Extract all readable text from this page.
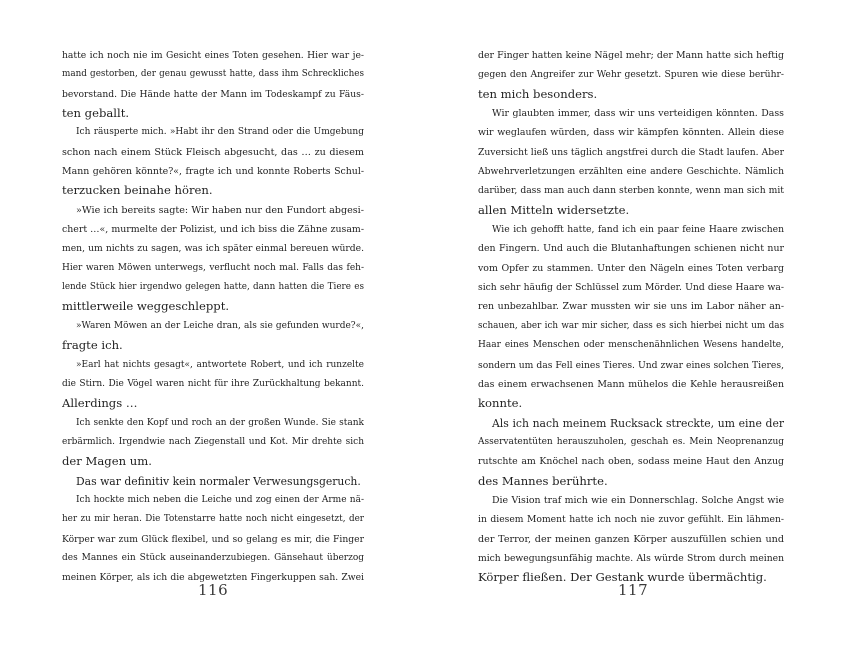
hatte ich noch nie im Gesicht eines Toten gesehen. Hier war je-
mand gestorben, der genau gewusst hatte, dass ihm Schreckliches
bevorstand. Die Hände hatte der Mann im Todeskampf zu Fäus-
ten geballt.
Ich räusperte mich. »Habt ihr den Strand oder die Umgebung
schon nach einem Stück Fleisch abgesucht, das … zu diesem
Mann gehören könnte?«, fragte ich und konnte Roberts Schul-
terzucken beinahe hören.
»Wie ich bereits sagte: Wir haben nur den Fundort abgesi-
chert …«, murmelte der Polizist, und ich biss die Zähne zusam-
men, um nichts zu sagen, was ich später einmal bereuen würde.
Hier waren Möwen unterwegs, verflucht noch mal. Falls das feh-
lende Stück hier irgendwo gelegen hatte, dann hatten die Tiere es
mittlerweile weggeschleppt.
»Waren Möwen an der Leiche dran, als sie gefunden wurde?«,
fragte ich.
»Earl hat nichts gesagt«, antwortete Robert, und ich runzelte
die Stirn. Die Vögel waren nicht für ihre Zurückhaltung bekannt.
Allerdings …
Ich senkte den Kopf und roch an der großen Wunde. Sie stank
erbärmlich. Irgendwie nach Ziegenstall und Kot. Mir drehte sich
der Magen um.
Das war definitiv kein normaler Verwesungsgeruch.
Ich hockte mich neben die Leiche und zog einen der Arme nä-
her zu mir heran. Die Totenstarre hatte noch nicht eingesetzt, der
Körper war zum Glück flexibel, und so gelang es mir, die Finger
des Mannes ein Stück auseinanderzubiegen. Gänsehaut überzog
meinen Körper, als ich die abgewetzten Fingerkuppen sah. Zwei
116
der Finger hatten keine Nägel mehr; der Mann hatte sich heftig
gegen den Angreifer zur Wehr gesetzt. Spuren wie diese berühr-
ten mich besonders.
Wir glaubten immer, dass wir uns verteidigen könnten. Dass
wir weglaufen würden, dass wir kämpfen könnten. Allein diese
Zuversicht ließ uns täglich angstfrei durch die Stadt laufen. Aber
Abwehrverletzungen erzählten eine andere Geschichte. Nämlich
darüber, dass man auch dann sterben konnte, wenn man sich mit
allen Mitteln widersetzte.
Wie ich gehofft hatte, fand ich ein paar feine Haare zwischen
den Fingern. Und auch die Blutanhaftungen schienen nicht nur
vom Opfer zu stammen. Unter den Nägeln eines Toten verbarg
sich sehr häufig der Schlüssel zum Mörder. Und diese Haare wa-
ren unbezahlbar. Zwar mussten wir sie uns im Labor näher an-
schauen, aber ich war mir sicher, dass es sich hierbei nicht um das
Haar eines Menschen oder menschenähnlichen Wesens handelte,
sondern um das Fell eines Tieres. Und zwar eines solchen Tieres,
das einem erwachsenen Mann mühelos die Kehle herausreißen
konnte.
Als ich nach meinem Rucksack streckte, um eine der
Asservatentüten herauszuholen, geschah es. Mein Neoprenanzug
rutschte am Knöchel nach oben, sodass meine Haut den Anzug
des Mannes berührte.
Die Vision traf mich wie ein Donnerschlag. Solche Angst wie
in diesem Moment hatte ich noch nie zuvor gefühlt. Ein lähmen-
der Terror, der meinen ganzen Körper auszufüllen schien und
mich bewegungsunfähig machte. Als würde Strom durch meinen
Körper fließen. Der Gestank wurde übermächtig.
117
